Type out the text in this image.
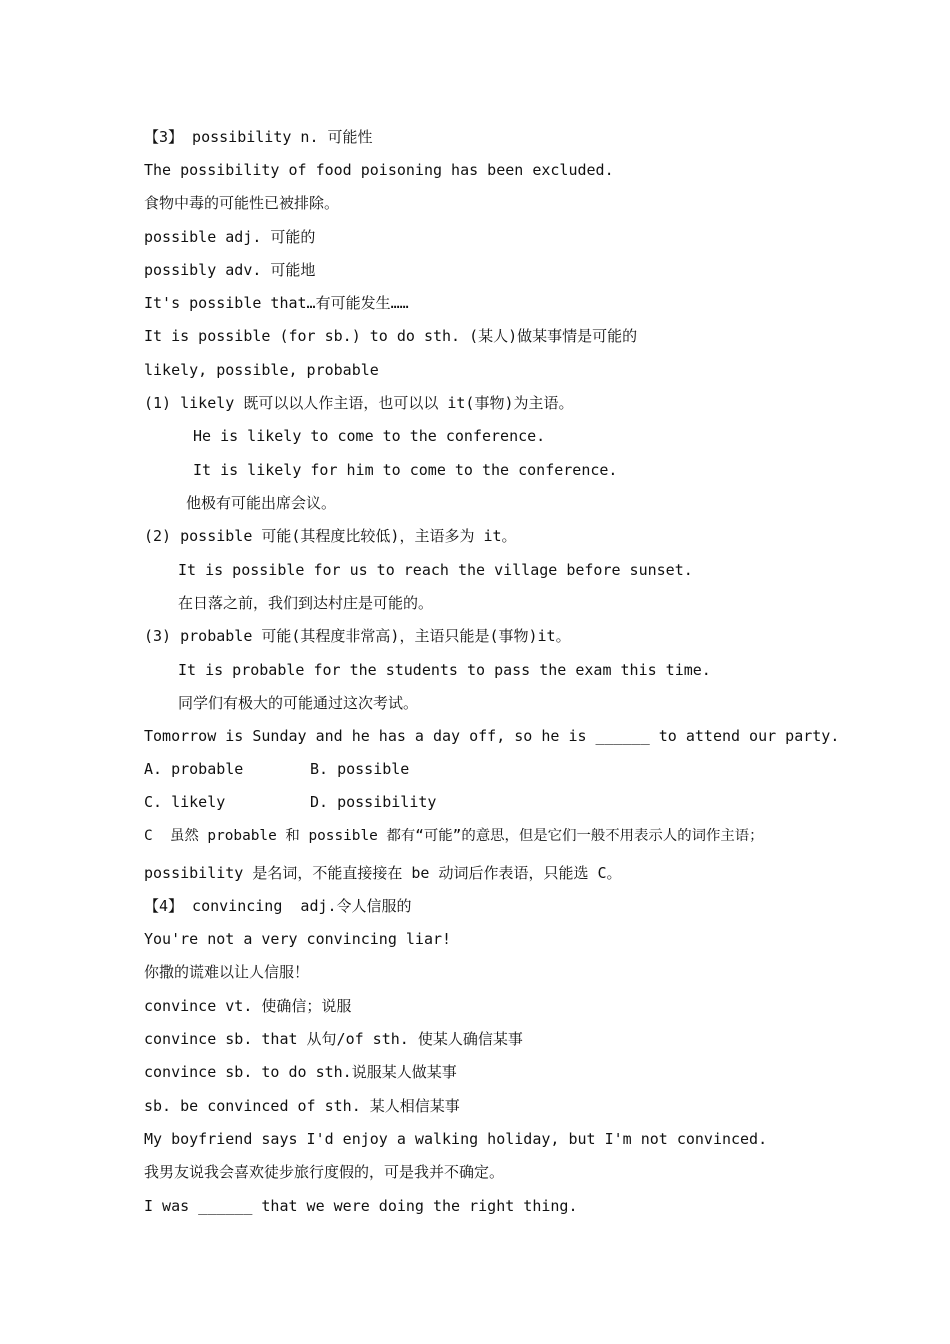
【3】 possibility n. 可能性
The possibility of food poisoning has been excluded.
食物中毒的可能性已被排除。
possible adj. 可能的
possibly adv. 可能地
It's possible that…有可能发生……
It is possible (for sb.) to do sth. (某人)做某事情是可能的
likely, possible, probable
(1) likely 既可以以人作主语，也可以以 it(事物)为主语。
He is likely to come to the conference.
It is likely for him to come to the conference.
他极有可能出席会议。
(2) possible 可能(其程度比较低)，主语多为 it。
It is possible for us to reach the village before sunset.
在日落之前，我们到达村庄是可能的。
(3) probable 可能(其程度非常高)，主语只能是(事物)it。
It is probable for the students to pass the exam this time.
同学们有极大的可能通过这次考试。
Tomorrow is Sunday and he has a day off, so he is ______ to attend our party.
A. probable	B. possible
C. likely	D. possibility
C  虽然 probable 和 possible 都有“可能”的意思，但是它们一般不用表示人的词作主语；
possibility 是名词，不能直接接在 be 动词后作表语，只能选 C。
【4】 convincing  adj.令人信服的
You're not a very convincing liar!
你撒的谎难以让人信服！
convince vt. 使确信；说服
convince sb. that 从句/of sth. 使某人确信某事
convince sb. to do sth.说服某人做某事
sb. be convinced of sth. 某人相信某事
My boyfriend says I'd enjoy a walking holiday, but I'm not convinced.
我男友说我会喜欢徒步旅行度假的，可是我并不确定。
I was ______ that we were doing the right thing.
